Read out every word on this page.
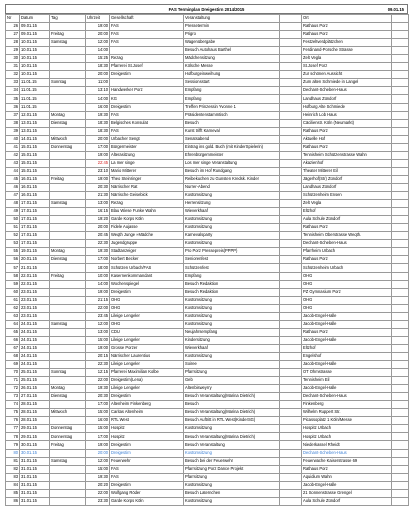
FAS Terminplan Dreigestirn 2014/2015	09.01.15
Nr	Datum	Tag	Uhrzeit	Gesellschaft	Veranstaltung		Ort	
26	09.01.15		19:00	FAS	Pressetermin		Rathaus Porz	
27	09.01.15	Freitag	20:00	FAS	Prigro		Rathaus Porz	
28	10.01.15	Samstag	12:00	FAS	Wagenübergabe		Festzeltverdplätzchen	
29	10.01.15		14:00		Besuch Autohaus Barthel		Ferdinand-Porsche Strasse	
30	10.01.15		15:25	Rezag	Mädchensitzung		Zelt Vegla	
31	10.01.15		18:30	Pfarrerei St.Josef	Kölsche Messe		St.Josef Porz	
32	10.01.15		20:00	Dreigestirn	Hofburgeinweihung		Zur schönen Aussicht	
33	11.01.15	Sonntag	11:00		Sessionsstart		Zum alten Schmiede in Langel	
34	11.01.15		13:10	Handwerker Porz	Empfang		Dechant-Scheben-Haus	
35	11.01.15		14:00	KG	Empfang		Landhaus Zündorf	
36	11.01.15		16:00	Dreigestirn	Treffen Prinzessin Yvonne 1		Hofburg Alte Schmiede	
37	12.01.15	Montag	19:30	FAS	Präsidentenstammtisch		Heinrich Lob Haus	
38	13.01.15	Dienstag	18:30	Belgisches Konsulat	Besuch		Cäcilienstr. Köln (Neumarkt)	
39	13.01.15		18:30	FAS	Kurst trifft Karneval		Rathaus Porz	
40	14.01.15	Mittwoch	20:00	Urbacher Sengt	Senatsabend		Aktuelle Hof	
41	15.01.15	Donnerstag	17:00	Bürgermeister	Eintrag ins gold. Buch (mit KinderSpielerin)		Rathaus Porz	
42	15.01.15		19:00	Alterasitzung	Ehrenbürgemmeister		Tennisheim Schützenstrasse Wahn	
43	15.01.15		22:45	La mer singe	Los mer singe Veranstaltung		Akazienhof	
44	15.01.15		23:10	Mario Mitterer	Besuch im Hof Rundgang		Theater Mitterer Eil	
45	16.01.15	Freitag	19:00	Theo Steinringer	Reibekuchen zu Gunsten Kredsk. Kinder		Jägerhof(Str) Zündorf	
46	16.01.15		20:30	Närrischer Rat	Nurrer-Abend		Landhaus Zündorf	
47	16.01.15		21:30	Närrische Geisebick	Kostümsitzung		Schützenheim Ensen	
48	17.01.15	Samstag	13:00	Rezag	Herrensitzung		Zelt Vegla	
49	17.01.15		16:15	Blau Wiese Funke Wahn	Wieverkhaaf		Eltzhof	
50	17.01.15		19:20	Garde Korps Köln	Kostümsitzung		Aula Schule Zündorf	
51	17.01.15		20:00	Fidele Aujasse	Kostümsitzung		Rathaus Porz	
52	17.01.15		20:45	Weqth Junge »Mädche	Karnevalsparty		Tennisheim Oberstrasse Weqth.	
53	17.01.15		22:30	Jugendgruppe	Kostümsitzung		Dechant-Scheben-Haus	
55	19.01.15	Montag	19:30	Stadtanzeiger	Pro Porz Pressepreis(PPPP)		Pfarrheim Urbach	
56	20.01.15	Dienstag	17:00	Norbert Becker	Seniorenfest		Rathaus Porz	
57	21.01.15		18:00	Schützen Urbach/FAS	Schützenfest		Schützenheim Urbach	
58	22.01.15	Freitag	10:00	Kasernenkommandant	Empfang		OHG	
59	22.01.15		14:00	Wochenspiegel	Besuch Redaktion		OHG	
60	23.01.15		19:00	Dreigestirn	Besuch Redaktion		PZ Gymnasium Porz	
61	23.01.15		21:15	OHG	Kostümsitzung		OHG	
62	23.01.15		22:00	OHG	Kostümsitzung		OHG	
63	23.01.15		23:45	Lileige Lengeler	Kostümsitzung		Jacob-Engel-Halle	
64	24.01.15	Samstag	12:00	OHG	Kostümsitzung		Jacob-Engel-Halle	
65	24.01.15		13:00	CDU	Neujahrsempfang		Rathaus Porz	
66	24.01.15		15:00	Lileige Lengeler	Kindersitzung		Jacob-Engel-Halle	
67	24.01.15		19:00	Grosse Porzer	Wieverkhaaf		Eltzhof	
68	24.01.15		20:15	Närrischer Laurentius	Kostümsitzung		Engelshof	
69	24.01.15		22:30	Lileige Lengeler	Soiree		Jacob-Engel-Halle	
70	25.01.15	Sonntag	12:15	Pfarrerei Maximilian Kolbe	Pfarrsitzung		OT Ohmstrasse	
71	25.01.15		22:00	Dreigestirn(Lena)	Geb		Tennisheim Eil	
72	26.01.15	Montag	19:30	Lileige Lengeler	Altenbisweyrry		Jacob-Engel-Halle	
73	27.01.15	Dienstag	20:30	Dreigestirn	Besuch Veranstaltung(Marina Dietrich)		Dechant-Scheben-Haus	
74	28.01.15		17:00	Altenheim Finkenberg	Besuch		Finkenberg	
75	28.01.15	Mittwoch	15:00	Caritas Altenheim	Besuch Veranstaltung(Marina Dietrich)		Wilhelm Ruppert Str.	
76	28.01.15		16:00	RTL West	Besuch Auftritt in RTL West(KinderSG)		Picassoplatz 1 Köln/Messe	
77	29.01.15	Donnerstag	15:00	Hospitz	Kostümsitzung		Hospitz Urbach	
78	29.01.15	Donnerstag	17:00	Hospitz	Besuch Veranstaltung(Marina Dietrich)		Hospitz Urbach	
79	30.01.15	Freitag	19:00	Dreigestirn	Besuch Veranstaltung		Niederkassel Rheidt	
80	30.01.15		20:00	Dreigestirn	Kostümsitzung		Dechant-Scheben-Haus	
81	31.01.15	Samstag	12:00	Feuerwehr	Besuch bei der Feuerwehr		Feuerwache Kaiserstrasse 69	
82	31.01.15		15:00	FAS	Pfarrsitzung Porz Dance Projekt		Rathaus Porz	
83	31.01.15		19:30	FAS	Pfarrsitzung		Aquidium Wahn	
84	31.01.15		20:20	Dreigestirn	Kostümsitzung		Jacob-Engel-Halle	
85	31.01.15		22:00	Wolfgang Röder	Besuch Laternchen		21 Sonnenstrasse Grengel	
86	31.01.15		23:30	Garde Korps Köln	Kostümsitzung		Aula Schule Zündorf	
